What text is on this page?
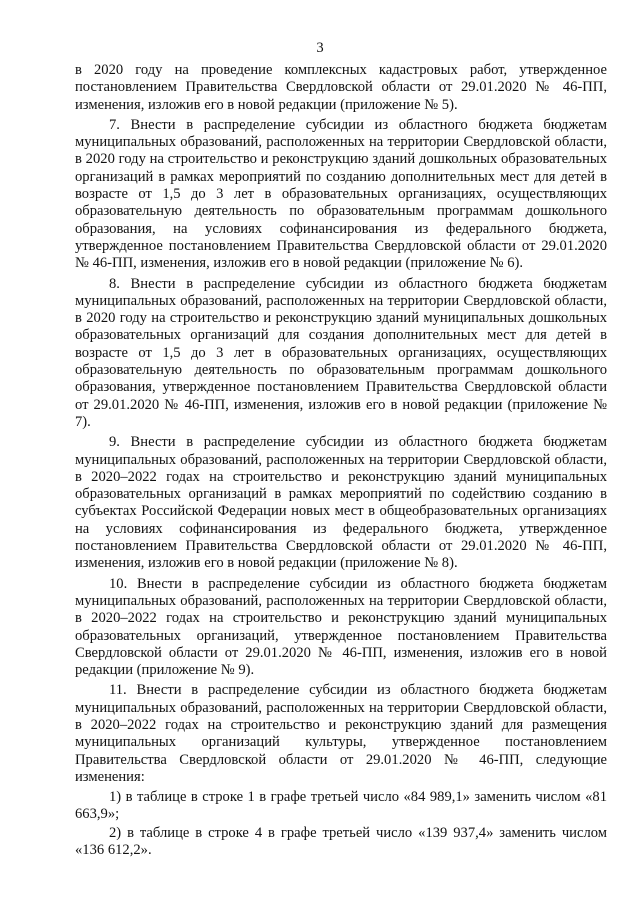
3

в 2020 году на проведение комплексных кадастровых работ, утвержденное постановлением Правительства Свердловской области от 29.01.2020 № 46-ПП, изменения, изложив его в новой редакции (приложение № 5).

7. Внести в распределение субсидии из областного бюджета бюджетам муниципальных образований, расположенных на территории Свердловской области, в 2020 году на строительство и реконструкцию зданий дошкольных образовательных организаций в рамках мероприятий по созданию дополнительных мест для детей в возрасте от 1,5 до 3 лет в образовательных организациях, осуществляющих образовательную деятельность по образовательным программам дошкольного образования, на условиях софинансирования из федерального бюджета, утвержденное постановлением Правительства Свердловской области от 29.01.2020 № 46-ПП, изменения, изложив его в новой редакции (приложение № 6).

8. Внести в распределение субсидии из областного бюджета бюджетам муниципальных образований, расположенных на территории Свердловской области, в 2020 году на строительство и реконструкцию зданий муниципальных дошкольных образовательных организаций для создания дополнительных мест для детей в возрасте от 1,5 до 3 лет в образовательных организациях, осуществляющих образовательную деятельность по образовательным программам дошкольного образования, утвержденное постановлением Правительства Свердловской области от 29.01.2020 № 46-ПП, изменения, изложив его в новой редакции (приложение № 7).

9. Внести в распределение субсидии из областного бюджета бюджетам муниципальных образований, расположенных на территории Свердловской области, в 2020–2022 годах на строительство и реконструкцию зданий муниципальных образовательных организаций в рамках мероприятий по содействию созданию в субъектах Российской Федерации новых мест в общеобразовательных организациях на условиях софинансирования из федерального бюджета, утвержденное постановлением Правительства Свердловской области от 29.01.2020 № 46-ПП, изменения, изложив его в новой редакции (приложение № 8).

10. Внести в распределение субсидии из областного бюджета бюджетам муниципальных образований, расположенных на территории Свердловской области, в 2020–2022 годах на строительство и реконструкцию зданий муниципальных образовательных организаций, утвержденное постановлением Правительства Свердловской области от 29.01.2020 № 46-ПП, изменения, изложив его в новой редакции (приложение № 9).

11. Внести в распределение субсидии из областного бюджета бюджетам муниципальных образований, расположенных на территории Свердловской области, в 2020–2022 годах на строительство и реконструкцию зданий для размещения муниципальных организаций культуры, утвержденное постановлением Правительства Свердловской области от 29.01.2020 № 46-ПП, следующие изменения:

1) в таблице в строке 1 в графе третьей число «84 989,1» заменить числом «81 663,9»;

2) в таблице в строке 4 в графе третьей число «139 937,4» заменить числом «136 612,2».
